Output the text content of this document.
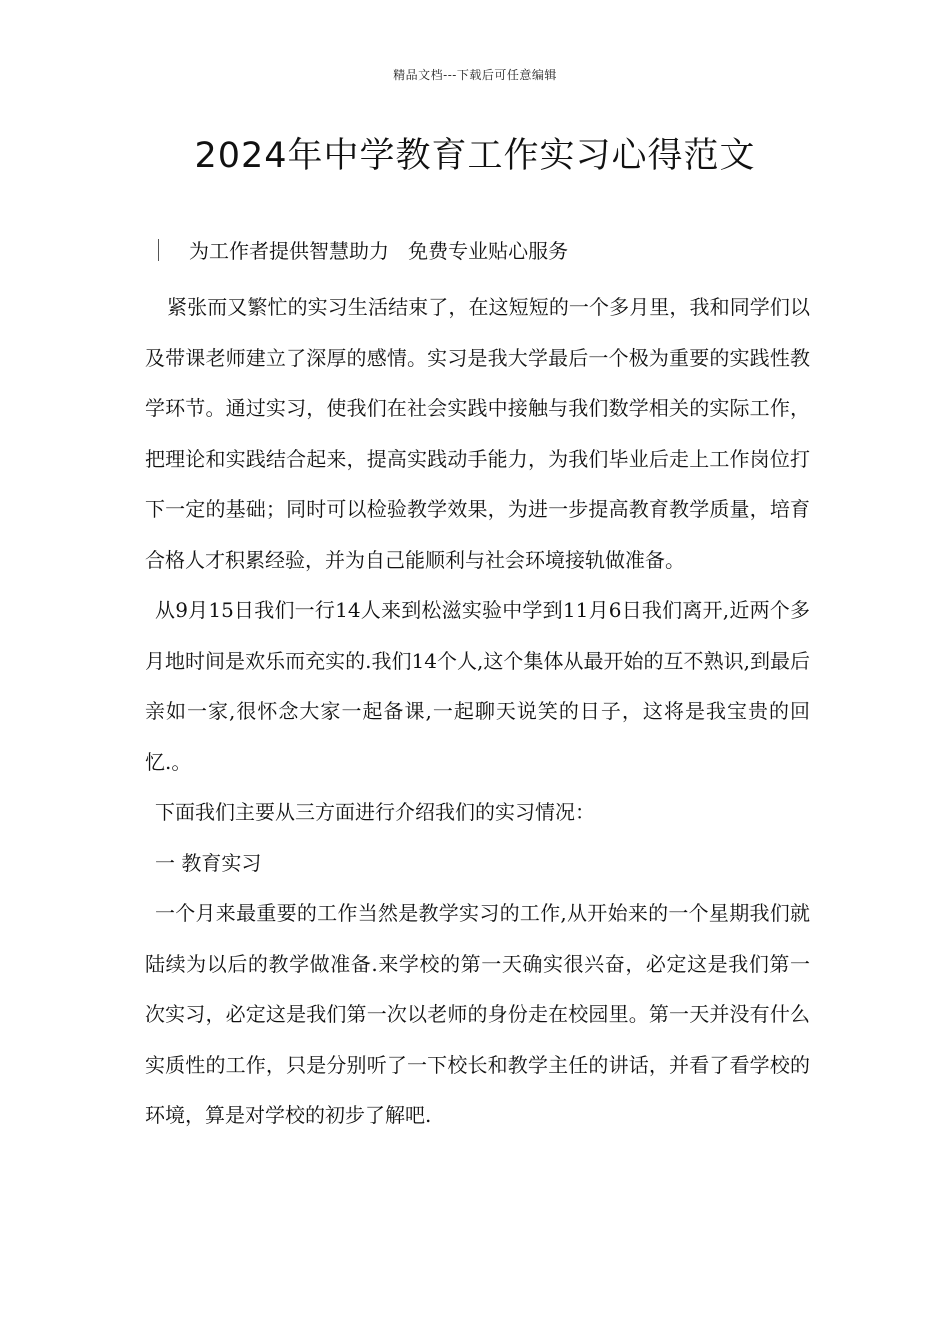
精品文档---下载后可任意编辑
2024年中学教育工作实习心得范文
为工作者提供智慧助力   免费专业贴心服务

紧张而又繁忙的实习生活结束了，在这短短的一个多月里，我和同学们以及带课老师建立了深厚的感情。实习是我大学最后一个极为重要的实践性教学环节。通过实习，使我们在社会实践中接触与我们数学相关的实际工作，把理论和实践结合起来，提高实践动手能力，为我们毕业后走上工作岗位打下一定的基础；同时可以检验教学效果，为进一步提高教育教学质量，培育合格人才积累经验，并为自己能顺利与社会环境接轨做准备。

从9月15日我们一行14人来到松滋实验中学到11月6日我们离开,近两个多月地时间是欢乐而充实的.我们14个人,这个集体从最开始的互不熟识,到最后亲如一家,很怀念大家一起备课,一起聊天说笑的日子，这将是我宝贵的回忆.。

下面我们主要从三方面进行介绍我们的实习情况：

一 教育实习

一个月来最重要的工作当然是教学实习的工作,从开始来的一个星期我们就陆续为以后的教学做准备.来学校的第一天确实很兴奋，必定这是我们第一次实习，必定这是我们第一次以老师的身份走在校园里。第一天并没有什么实质性的工作，只是分别听了一下校长和教学主任的讲话，并看了看学校的环境，算是对学校的初步了解吧.
